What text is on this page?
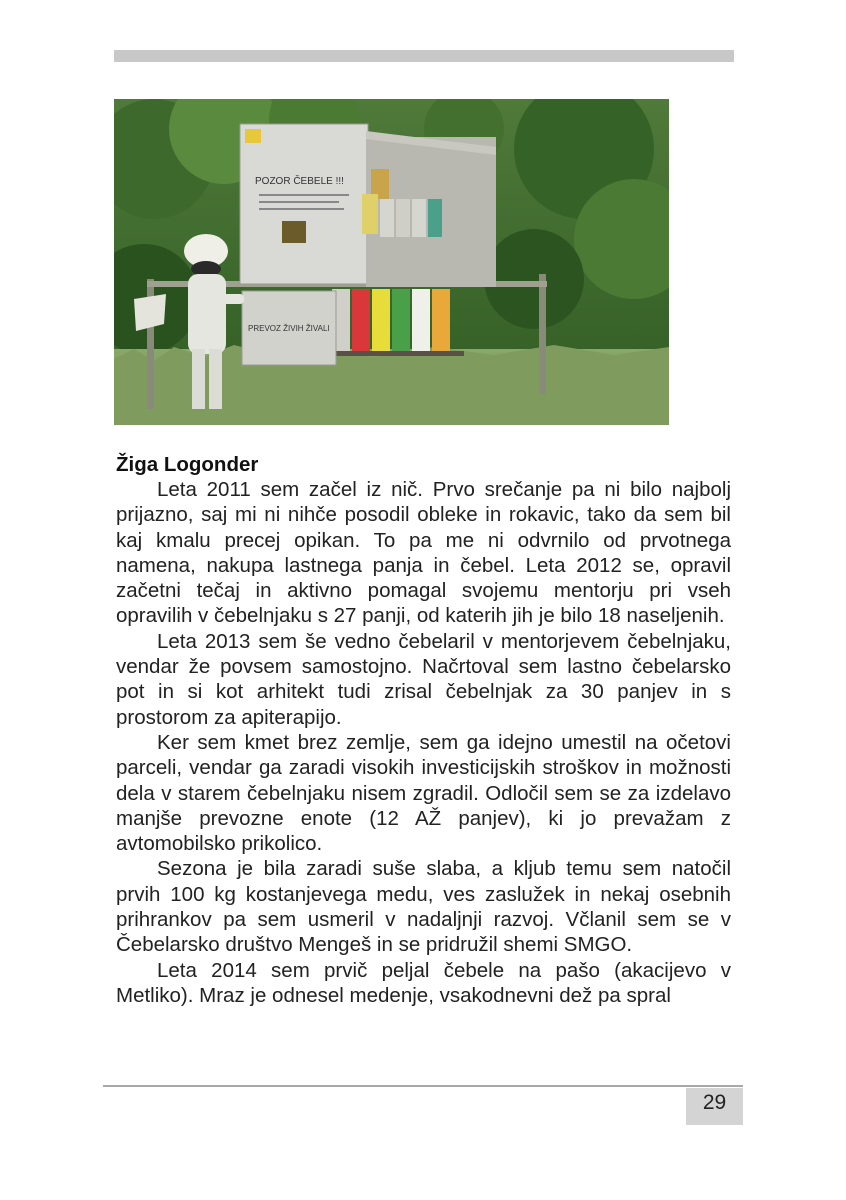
POZOR ČEBELE !!!
PREVOZ ŽIVIH ŽIVALI
Žiga Logonder

Leta 2011 sem začel iz nič. Prvo srečanje pa ni bilo najbolj prijazno, saj mi ni nihče posodil obleke in rokavic, tako da sem bil kaj kmalu precej opikan. To pa me ni odvrnilo od prvotnega namena, nakupa lastnega panja in čebel. Leta 2012 se, opravil začetni tečaj in aktivno pomagal svojemu mentorju pri vseh opravilih v čebelnjaku s 27 panji, od katerih jih je bilo 18 naseljenih.

Leta 2013 sem še vedno čebelaril v mentorjevem čebelnjaku, vendar že povsem samostojno. Načrtoval sem lastno čebelarsko pot in si kot arhitekt tudi zrisal čebelnjak za 30 panjev in s prostorom za apiterapijo.

Ker sem kmet brez zemlje, sem ga idejno umestil na očetovi parceli, vendar ga zaradi visokih investicijskih stroškov in možnosti dela v starem čebelnjaku nisem zgradil. Odločil sem se za izdelavo manjše prevozne enote (12 AŽ panjev), ki jo prevažam z avtomobilsko prikolico.

Sezona je bila zaradi suše slaba, a kljub temu sem natočil prvih 100 kg kostanjevega medu, ves zaslužek in nekaj osebnih prihrankov pa sem usmeril v nadaljnji razvoj. Včlanil sem se v Čebelarsko društvo Mengeš in se pridružil shemi SMGO.

Leta 2014 sem prvič peljal čebele na pašo (akacijevo v Metliko). Mraz je odnesel medenje, vsakodnevni dež pa spral

29
